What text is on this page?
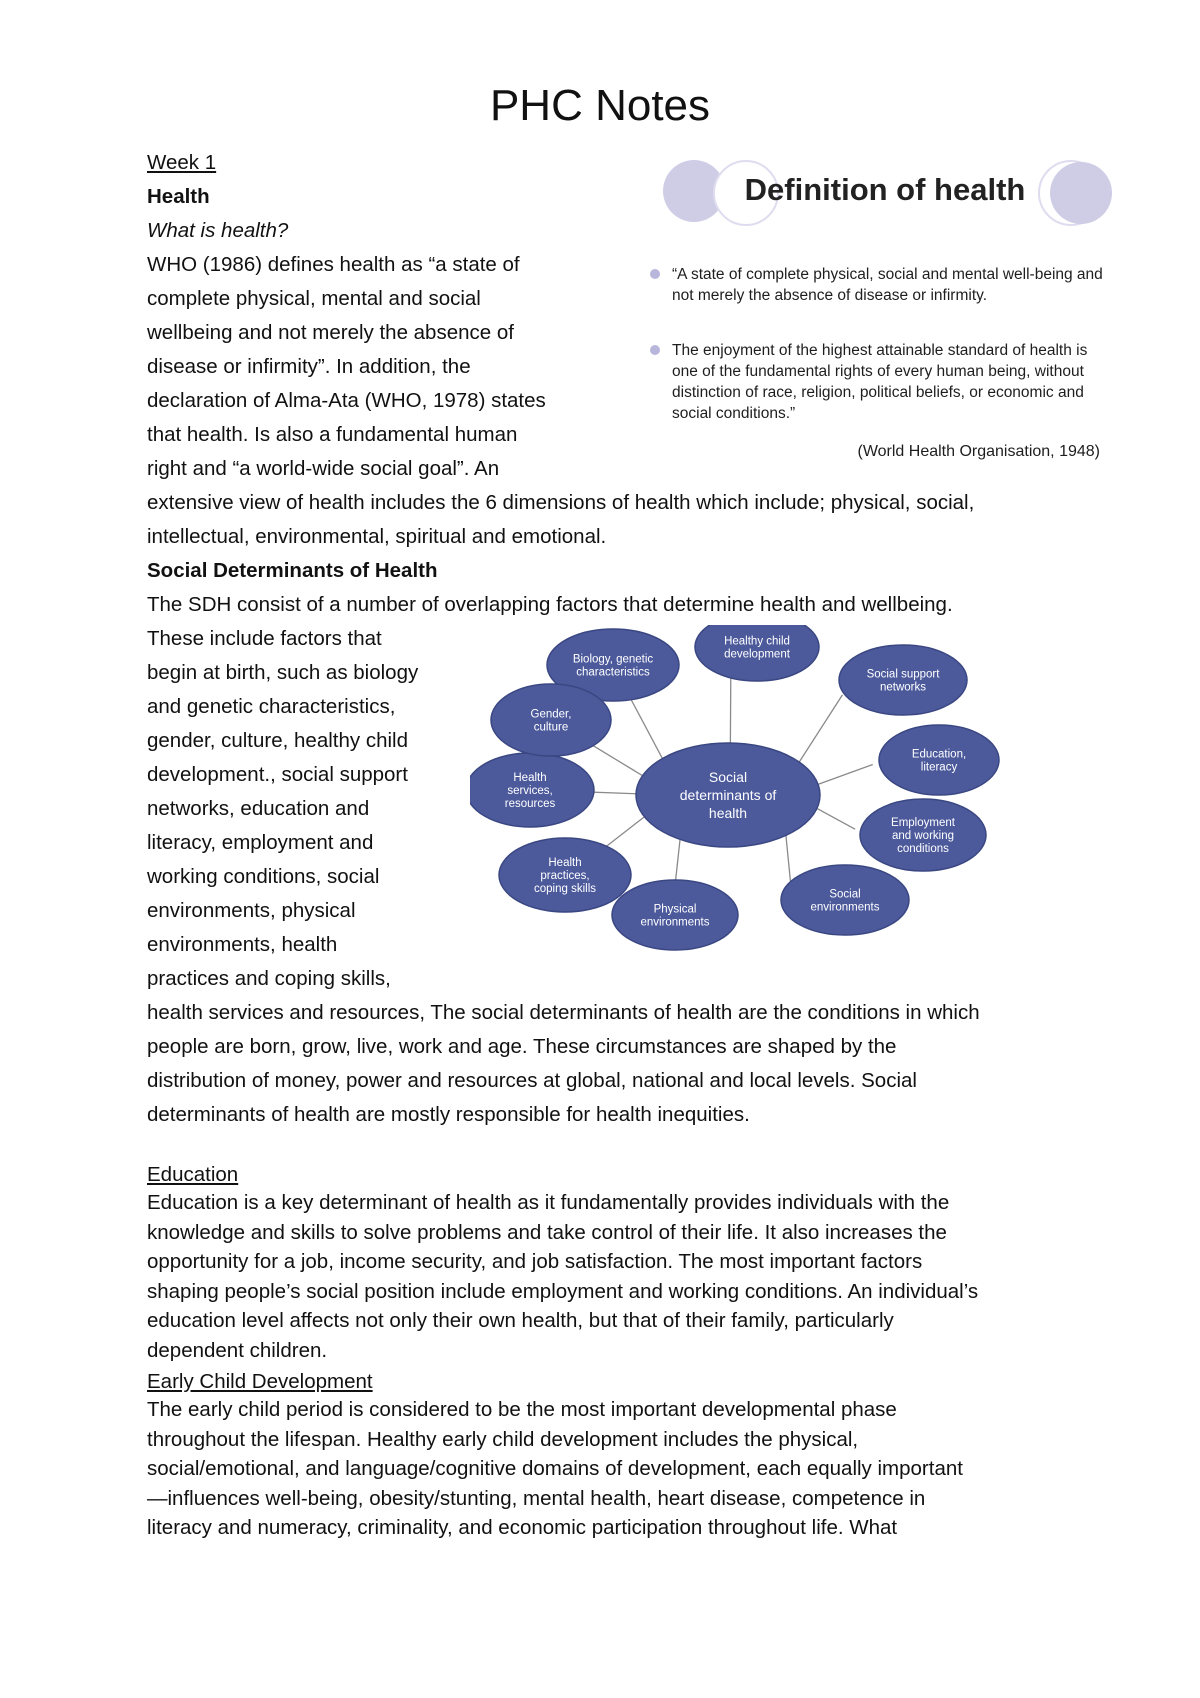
PHC Notes
Week 1
Health
What is health?
WHO (1986) defines health as “a state of
complete physical, mental and social
wellbeing and not merely the absence of
disease or infirmity”. In addition, the
declaration of Alma-Ata (WHO, 1978) states
that health. Is also a fundamental human
right and “a world-wide social goal”. An
extensive view of health includes the 6 dimensions of health which include; physical, social,
intellectual, environmental, spiritual and emotional.
Definition of health
“A state of complete physical, social and mental well-being and not merely the absence of disease or infirmity.
The enjoyment of the highest attainable standard of health is one of the fundamental rights of every human being, without distinction of race, religion, political beliefs, or economic and social conditions.”
(World Health Organisation, 1948)
Social Determinants of Health
The SDH consist of a number of overlapping factors that determine health and wellbeing.
These include factors that
begin at birth, such as biology
and genetic characteristics,
gender, culture, healthy child
development., social support
networks, education and
literacy, employment and
working conditions, social
environments, physical
environments, health
practices and coping skills,
Biology, genetic characteristics
Healthy child development
Social support networks
Education, literacy
Employment and working conditions
Social environments
Physical environments
Health practices, coping skills
Health services, resources
Gender, culture
Social determinants of health
health services and resources, The social determinants of health are the conditions in which
people are born, grow, live, work and age. These circumstances are shaped by the
distribution of money, power and resources at global, national and local levels. Social
determinants of health are mostly responsible for health inequities.
Education
Education is a key determinant of health as it fundamentally provides individuals with the
knowledge and skills to solve problems and take control of their life. It also increases the
opportunity for a job, income security, and job satisfaction. The most important factors
shaping people’s social position include employment and working conditions. An individual’s
education level affects not only their own health, but that of their family, particularly
dependent children.
Early Child Development
The early child period is considered to be the most important developmental phase
throughout the lifespan. Healthy early child development includes the physical,
social/emotional, and language/cognitive domains of development, each equally important
—influences well-being, obesity/stunting, mental health, heart disease, competence in
literacy and numeracy, criminality, and economic participation throughout life. What
